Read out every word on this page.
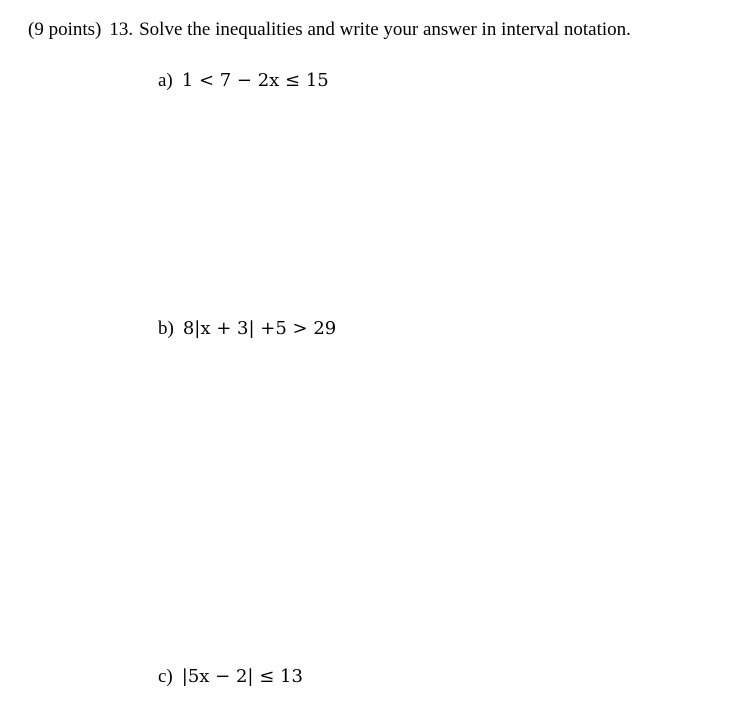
(9 points) 13. Solve the inequalities and write your answer in interval notation.
a) 1 < 7 − 2x ≤ 15
b) 8|x + 3| +5 > 29
c) |5x − 2| ≤ 13
